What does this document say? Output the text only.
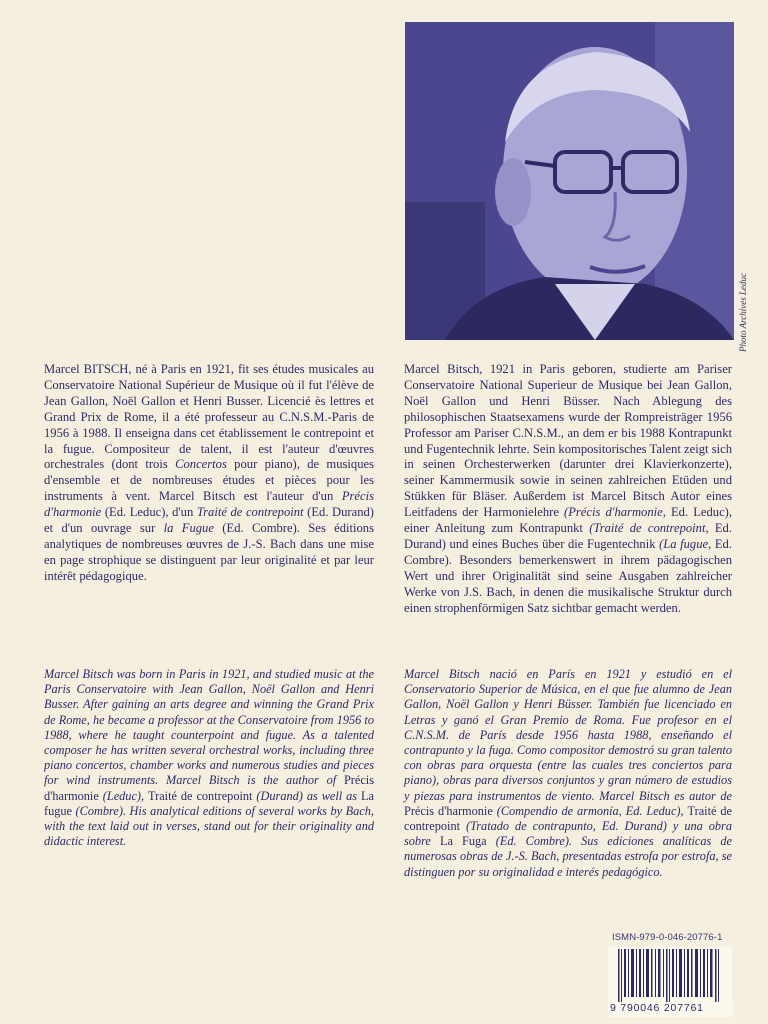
Photo Archives Leduc

Marcel BITSCH, né à Paris en 1921, fit ses études musicales au Conservatoire National Supérieur de Musique où il fut l'élève de Jean Gallon, Noël Gallon et Henri Busser. Licencié ès lettres et Grand Prix de Rome, il a été professeur au C.N.S.M.-Paris de 1956 à 1988. Il enseigna dans cet établissement le contrepoint et la fugue. Compositeur de talent, il est l'auteur d'œuvres orchestrales (dont trois Concertos pour piano), de musiques d'ensemble et de nombreuses études et pièces pour les instruments à vent. Marcel Bitsch est l'auteur d'un Précis d'harmonie (Ed. Leduc), d'un Traité de contrepoint (Ed. Durand) et d'un ouvrage sur la Fugue (Ed. Combre). Ses éditions analytiques de nombreuses œuvres de J.-S. Bach dans une mise en page strophique se distinguent par leur originalité et par leur intérêt pédagogique.

Marcel Bitsch, 1921 in Paris geboren, studierte am Pariser Conservatoire National Superieur de Musique bei Jean Gallon, Noël Gallon und Henri Büsser. Nach Ablegung des philosophischen Staatsexamens wurde der Rompreisträger 1956 Professor am Pariser C.N.S.M., an dem er bis 1988 Kontrapunkt und Fugentechnik lehrte. Sein kompositorisches Talent zeigt sich in seinen Orchesterwerken (darunter drei Klavierkonzerte), seiner Kammermusik sowie in seinen zahlreichen Etüden und Stükken für Bläser. Außerdem ist Marcel Bitsch Autor eines Leitfadens der Harmonielehre (Précis d'harmonie, Ed. Leduc), einer Anleitung zum Kontrapunkt (Traité de contrepoint, Ed. Durand) und eines Buches über die Fugentechnik (La fugue, Ed. Combre). Besonders bemerkenswert in ihrem pädagogischen Wert und ihrer Originalität sind seine Ausgaben zahlreicher Werke von J.S. Bach, in denen die musikalische Struktur durch einen strophenförmigen Satz sichtbar gemacht werden.

Marcel Bitsch was born in Paris in 1921, and studied music at the Paris Conservatoire with Jean Gallon, Noël Gallon and Henri Busser. After gaining an arts degree and winning the Grand Prix de Rome, he became a professor at the Conservatoire from 1956 to 1988, where he taught counterpoint and fugue. As a talented composer he has written several orchestral works, including three piano concertos, chamber works and numerous studies and pieces for wind instruments. Marcel Bitsch is the author of Précis d'harmonie (Leduc), Traité de contrepoint (Durand) as well as La fugue (Combre). His analytical editions of several works by Bach, with the text laid out in verses, stand out for their originality and didactic interest.

Marcel Bitsch nació en París en 1921 y estudió en el Conservatorio Superior de Música, en el que fue alumno de Jean Gallon, Noël Gallon y Henri Büsser. También fue licenciado en Letras y ganó el Gran Premio de Roma. Fue profesor en el C.N.S.M. de París desde 1956 hasta 1988, enseñando el contrapunto y la fuga. Como compositor demostró su gran talento con obras para orquesta (entre las cuales tres conciertos para piano), obras para diversos conjuntos y gran número de estudios y piezas para instrumentos de viento. Marcel Bitsch es autor de Précis d'harmonie (Compendio de armonía, Ed. Leduc), Traité de contrepoint (Tratado de contrapunto, Ed. Durand) y una obra sobre La Fuga (Ed. Combre). Sus ediciones analíticas de numerosas obras de J.-S. Bach, presentadas estrofa por estrofa, se distinguen por su originalidad e interés pedagógico.

ISMN-979-0-046-20776-1
9 790046 207761
